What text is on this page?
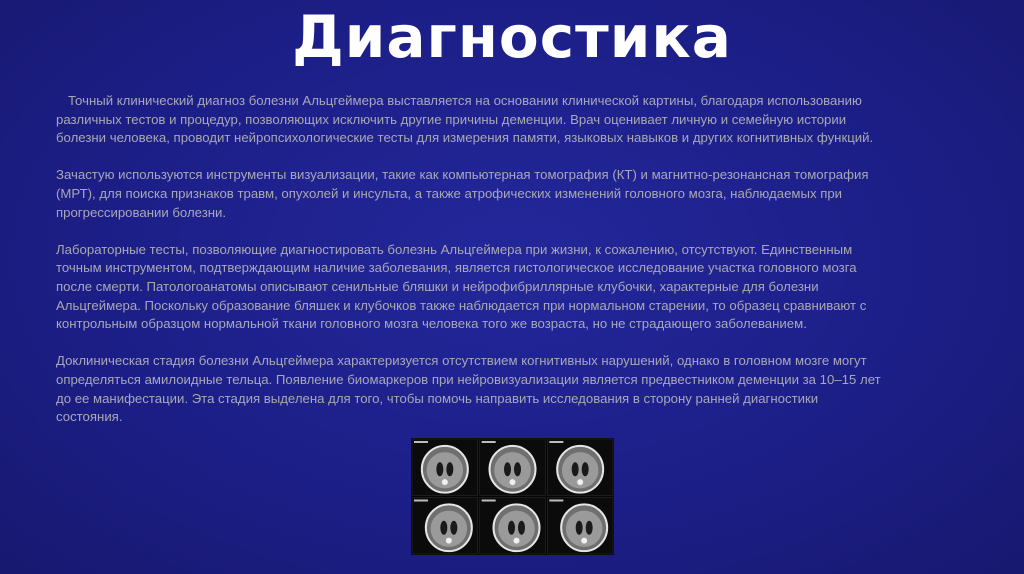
Диагностика

Точный клинический диагноз болезни Альцгеймера выставляется на основании клинической картины, благодаря использованию различных тестов и процедур, позволяющих исключить другие причины деменции. Врач оценивает личную и семейную истории болезни человека, проводит нейропсихологические тесты для измерения памяти, языковых навыков и других когнитивных функций.

Зачастую используются инструменты визуализации, такие как компьютерная томография (КТ) и магнитно-резонансная томография (МРТ), для поиска признаков травм, опухолей и инсульта, а также атрофических изменений головного мозга, наблюдаемых при прогрессировании болезни.

Лабораторные тесты, позволяющие диагностировать болезнь Альцгеймера при жизни, к сожалению, отсутствуют. Единственным точным инструментом, подтверждающим наличие заболевания, является гистологическое исследование участка головного мозга после смерти. Патологоанатомы описывают сенильные бляшки и нейрофибриллярные клубочки, характерные для болезни Альцгеймера. Поскольку образование бляшек и клубочков также наблюдается при нормальном старении, то образец сравнивают с контрольным образцом нормальной ткани головного мозга человека того же возраста, но не страдающего заболеванием.

Доклиническая стадия болезни Альцгеймера характеризуется отсутствием когнитивных нарушений, однако в головном мозге могут определяться амилоидные тельца. Появление биомаркеров при нейровизуализации является предвестником деменции за 10–15 лет до ее манифестации. Эта стадия выделена для того, чтобы помочь направить исследования в сторону ранней диагностики состояния.
